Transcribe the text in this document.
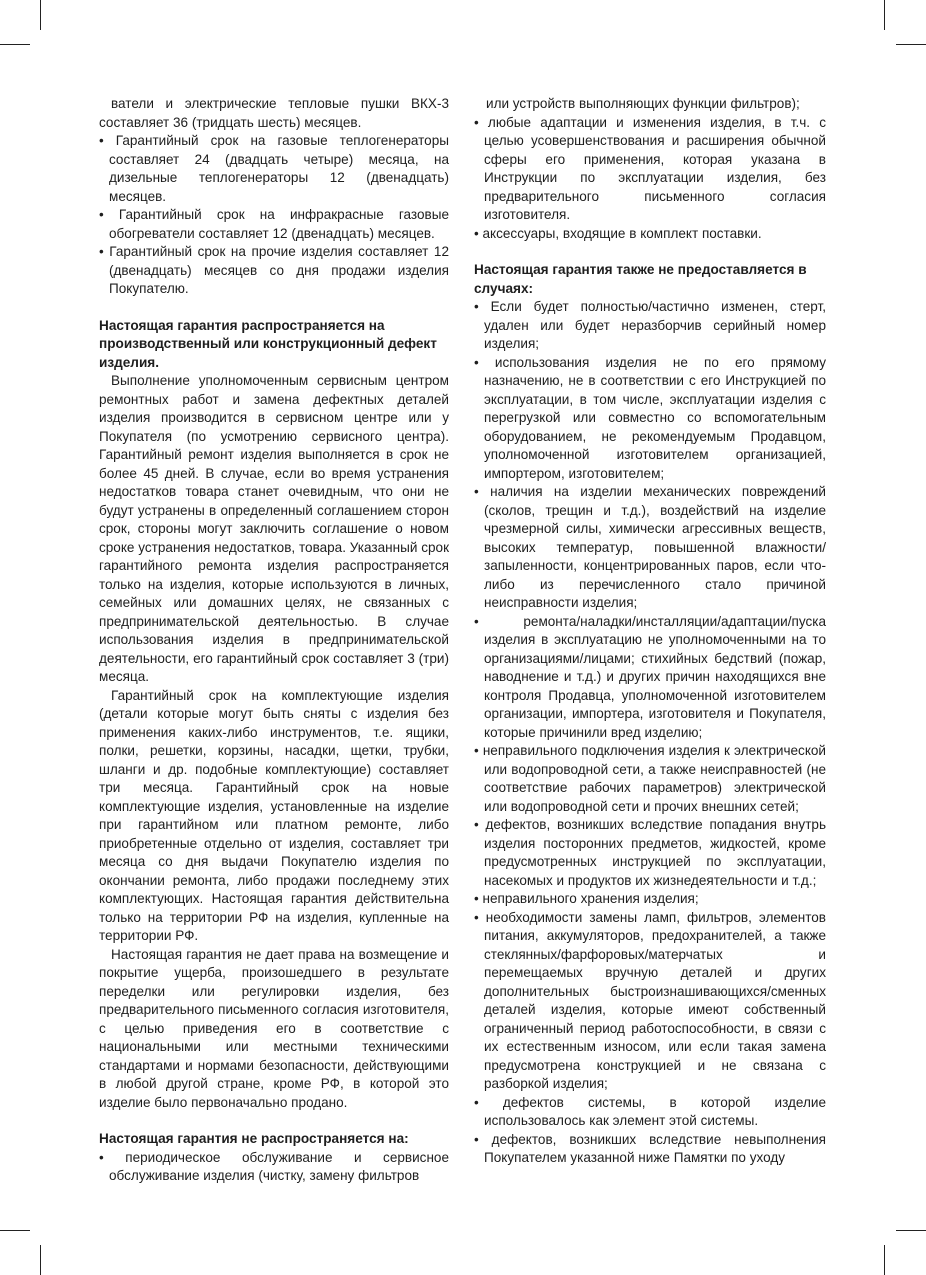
ватели и электрические тепловые пушки ВКХ-3 составляет 36 (тридцать шесть) месяцев.

• Гарантийный срок на газовые теплогенераторы составляет 24 (двадцать четыре) месяца, на дизельные теплогенераторы 12 (двенадцать) месяцев.

• Гарантийный срок на инфракрасные газовые обогреватели составляет 12 (двенадцать) месяцев.

• Гарантийный срок на прочие изделия составляет 12 (двенадцать) месяцев со дня продажи изделия Покупателю.

Настоящая гарантия распространяется на производственный или конструкционный дефект изделия.

Выполнение уполномоченным сервисным центром ремонтных работ и замена дефектных деталей изделия производится в сервисном центре или у Покупателя (по усмотрению сервисного центра). Гарантийный ремонт изделия выполняется в срок не более 45 дней. В случае, если во время устранения недостатков товара станет очевидным, что они не будут устранены в определенный соглашением сторон срок, стороны могут заключить соглашение о новом сроке устранения недостатков, товара. Указанный срок гарантийного ремонта изделия распространяется только на изделия, которые используются в личных, семейных или домашних целях, не связанных с предпринимательской деятельностью. В случае использования изделия в предпринимательской деятельности, его гарантийный срок составляет 3 (три) месяца.

Гарантийный срок на комплектующие изделия (детали которые могут быть сняты с изделия без применения каких-либо инструментов, т.е. ящики, полки, решетки, корзины, насадки, щетки, трубки, шланги и др. подобные комплектующие) составляет три месяца. Гарантийный срок на новые комплектующие изделия, установленные на изделие при гарантийном или платном ремонте, либо приобретенные отдельно от изделия, составляет три месяца со дня выдачи Покупателю изделия по окончании ремонта, либо продажи последнему этих комплектующих. Настоящая гарантия действительна только на территории РФ на изделия, купленные на территории РФ.

Настоящая гарантия не дает права на возмещение и покрытие ущерба, произошедшего в результате переделки или регулировки изделия, без предварительного письменного согласия изготовителя, с целью приведения его в соответствие с национальными или местными техническими стандартами и нормами безопасности, действующими в любой другой стране, кроме РФ, в которой это изделие было первоначально продано.

Настоящая гарантия не распространяется на:

• периодическое обслуживание и сервисное обслуживание изделия (чистку, замену фильтров

или устройств выполняющих функции фильтров);

• любые адаптации и изменения изделия, в т.ч. с целью усовершенствования и расширения обычной сферы его применения, которая указана в Инструкции по эксплуатации изделия, без предварительного письменного согласия изготовителя.

• аксессуары, входящие в комплект поставки.

Настоящая гарантия также не предоставляется в случаях:

• Если будет полностью/частично изменен, стерт, удален или будет неразборчив серийный номер изделия;

• использования изделия не по его прямому назначению, не в соответствии с его Инструкцией по эксплуатации, в том числе, эксплуатации изделия с перегрузкой или совместно со вспомогательным оборудованием, не рекомендуемым Продавцом, уполномоченной изготовителем организацией, импортером, изготовителем;

• наличия на изделии механических повреждений (сколов, трещин и т.д.), воздействий на изделие чрезмерной силы, химически агрессивных веществ, высоких температур, повышенной влажности/запыленности, концентрированных паров, если что-либо из перечисленного стало причиной неисправности изделия;

• ремонта/наладки/инсталляции/адаптации/пуска изделия в эксплуатацию не уполномоченными на то организациями/лицами; стихийных бедствий (пожар, наводнение и т.д.) и других причин находящихся вне контроля Продавца, уполномоченной изготовителем организации, импортера, изготовителя и Покупателя, которые причинили вред изделию;

• неправильного подключения изделия к электрической или водопроводной сети, а также неисправностей (не соответствие рабочих параметров) электрической или водопроводной сети и прочих внешних сетей;

• дефектов, возникших вследствие попадания внутрь изделия посторонних предметов, жидкостей, кроме предусмотренных инструкцией по эксплуатации, насекомых и продуктов их жизнедеятельности и т.д.;

• неправильного хранения изделия;

• необходимости замены ламп, фильтров, элементов питания, аккумуляторов, предохранителей, а также стеклянных/фарфоровых/матерчатых и перемещаемых вручную деталей и других дополнительных быстроизнашивающихся/сменных деталей изделия, которые имеют собственный ограниченный период работоспособности, в связи с их естественным износом, или если такая замена предусмотрена конструкцией и не связана с разборкой изделия;

• дефектов системы, в которой изделие использовалось как элемент этой системы.

• дефектов, возникших вследствие невыполнения Покупателем указанной ниже Памятки по уходу
